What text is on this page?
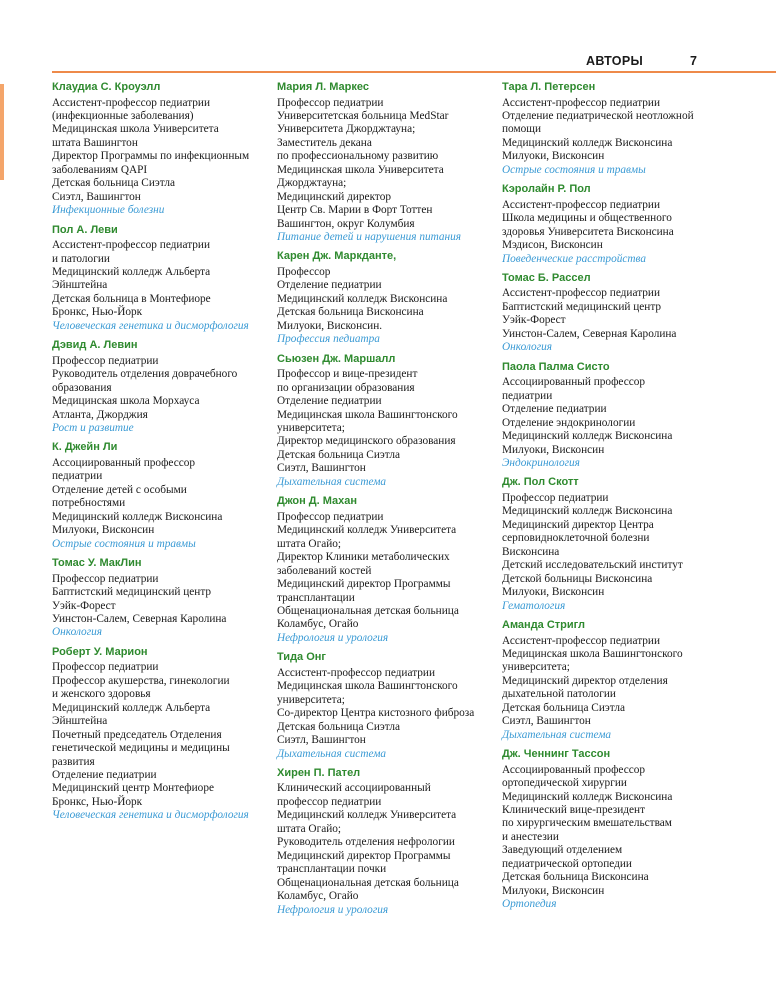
АВТОРЫ	7
Клаудиа С. Кроуэлл
Ассистент-профессор педиатрии
(инфекционные заболевания)
Медицинская школа Университета
штата Вашингтон
Директор Программы по инфекционным
заболеваниям QAPI
Детская больница Сиэтла
Сиэтл, Вашингтон
Инфекционные болезни
Пол А. Леви
Ассистент-профессор педиатрии
и патологии
Медицинский колледж Альберта
Эйнштейна
Детская больница в Монтефиоре
Бронкс, Нью-Йорк
Человеческая генетика и дисморфология
Дэвид А. Левин
Профессор педиатрии
Руководитель отделения доврачебного
образования
Медицинская школа Морхауса
Атланта, Джорджия
Рост и развитие
К. Джейн Ли
Ассоциированный профессор
педиатрии
Отделение детей с особыми
потребностями
Медицинский колледж Висконсина
Милуоки, Висконсин
Острые состояния и травмы
Томас У. МакЛин
Профессор педиатрии
Баптистский медицинский центр
Уэйк-Форест
Уинстон-Салем, Северная Каролина
Онкология
Роберт У. Марион
Профессор педиатрии
Профессор акушерства, гинекологии
и женского здоровья
Медицинский колледж Альберта
Эйнштейна
Почетный председатель Отделения
генетической медицины и медицины
развития
Отделение педиатрии
Медицинский центр Монтефиоре
Бронкс, Нью-Йорк
Человеческая генетика и дисморфология
Мария Л. Маркес
Профессор педиатрии
Университетская больница MedStar
Университета Джорджтауна;
Заместитель декана
по профессиональному развитию
Медицинская школа Университета
Джорджтауна;
Медицинский директор
Центр Св. Марии в Форт Тоттен
Вашингтон, округ Колумбия
Питание детей и нарушения питания
Карен Дж. Маркданте,
Профессор
Отделение педиатрии
Медицинский колледж Висконсина
Детская больница Висконсина
Милуоки, Висконсин.
Профессия педиатра
Сьюзен Дж. Маршалл
Профессор и вице-президент
по организации образования
Отделение педиатрии
Медицинская школа Вашингтонского
университета;
Директор медицинского образования
Детская больница Сиэтла
Сиэтл, Вашингтон
Дыхательная система
Джон Д. Махан
Профессор педиатрии
Медицинский колледж Университета
штата Огайо;
Директор Клиники метаболических
заболеваний костей
Медицинский директор Программы
трансплантации
Общенациональная детская больница
Коламбус, Огайо
Нефрология и урология
Тида Онг
Ассистент-профессор педиатрии
Медицинская школа Вашингтонского
университета;
Со-директор Центра кистозного фиброза
Детская больница Сиэтла
Сиэтл, Вашингтон
Дыхательная система
Хирен П. Пател
Клинический ассоциированный
профессор педиатрии
Медицинский колледж Университета
штата Огайо;
Руководитель отделения нефрологии
Медицинский директор Программы
трансплантации почки
Общенациональная детская больница
Коламбус, Огайо
Нефрология и урология
Тара Л. Петерсен
Ассистент-профессор педиатрии
Отделение педиатрической неотложной
помощи
Медицинский колледж Висконсина
Милуоки, Висконсин
Острые состояния и травмы
Кэролайн Р. Пол
Ассистент-профессор педиатрии
Школа медицины и общественного
здоровья Университета Висконсина
Мэдисон, Висконсин
Поведенческие расстройства
Томас Б. Рассел
Ассистент-профессор педиатрии
Баптистский медицинский центр
Уэйк-Форест
Уинстон-Салем, Северная Каролина
Онкология
Паола Палма Систо
Ассоциированный профессор
педиатрии
Отделение педиатрии
Отделение эндокринологии
Медицинский колледж Висконсина
Милуоки, Висконсин
Эндокринология
Дж. Пол Скотт
Профессор педиатрии
Медицинский колледж Висконсина
Медицинский директор Центра
серповидноклеточной болезни
Висконсина
Детский исследовательский институт
Детской больницы Висконсина
Милуоки, Висконсин
Гематология
Аманда Стригл
Ассистент-профессор педиатрии
Медицинская школа Вашингтонского
университета;
Медицинский директор отделения
дыхательной патологии
Детская больница Сиэтла
Сиэтл, Вашингтон
Дыхательная система
Дж. Ченнинг Тассон
Ассоциированный профессор
ортопедической хирургии
Медицинский колледж Висконсина
Клинический вице-президент
по хирургическим вмешательствам
и анестезии
Заведующий отделением
педиатрической ортопедии
Детская больница Висконсина
Милуоки, Висконсин
Ортопедия
